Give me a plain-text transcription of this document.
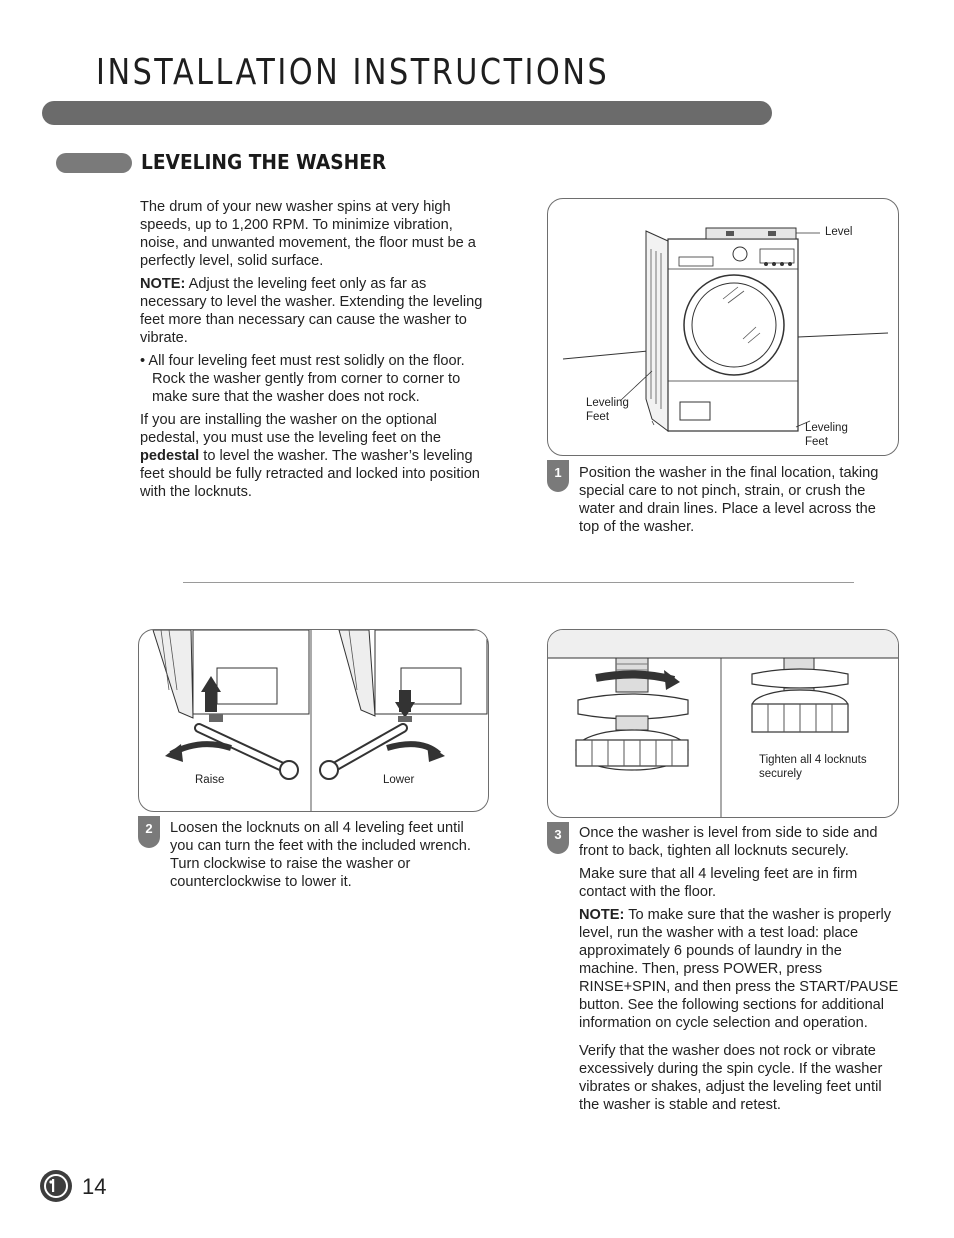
INSTALLATION INSTRUCTIONS
LEVELING THE WASHER

The drum of your new washer spins at very high speeds, up to 1,200 RPM. To minimize vibration, noise, and unwanted movement, the floor must be a perfectly level, solid surface.

NOTE: Adjust the leveling feet only as far as necessary to level the washer. Extending the leveling feet more than necessary can cause the washer to vibrate.

• All four leveling feet must rest solidly on the floor. Rock the washer gently from corner to corner to make sure that the washer does not rock.

If you are installing the washer on the optional pedestal, you must use the leveling feet on the pedestal to level the washer. The washer’s leveling feet should be fully retracted and locked into position with the locknuts.

Level
Leveling Feet
Leveling Feet
1	Position the washer in the final location, taking special care to not pinch, strain, or crush the water and drain lines. Place a level across the top of the washer.
Raise	Lower
2	Loosen the locknuts on all 4 leveling feet until you can turn the feet with the included wrench. Turn clockwise to raise the washer or counterclockwise to lower it.
Tighten all 4 locknuts securely
3	Once the washer is level from side to side and front to back, tighten all locknuts securely.

Make sure that all 4 leveling feet are in firm contact with the floor.

NOTE: To make sure that the washer is properly level, run the washer with a test load: place approximately 6 pounds of laundry in the machine. Then, press POWER, press RINSE+SPIN, and then press the START/PAUSE button. See the following sections for additional information on cycle selection and operation.

Verify that the washer does not rock or vibrate excessively during the spin cycle. If the washer vibrates or shakes, adjust the leveling feet until the washer is stable and retest.

14
